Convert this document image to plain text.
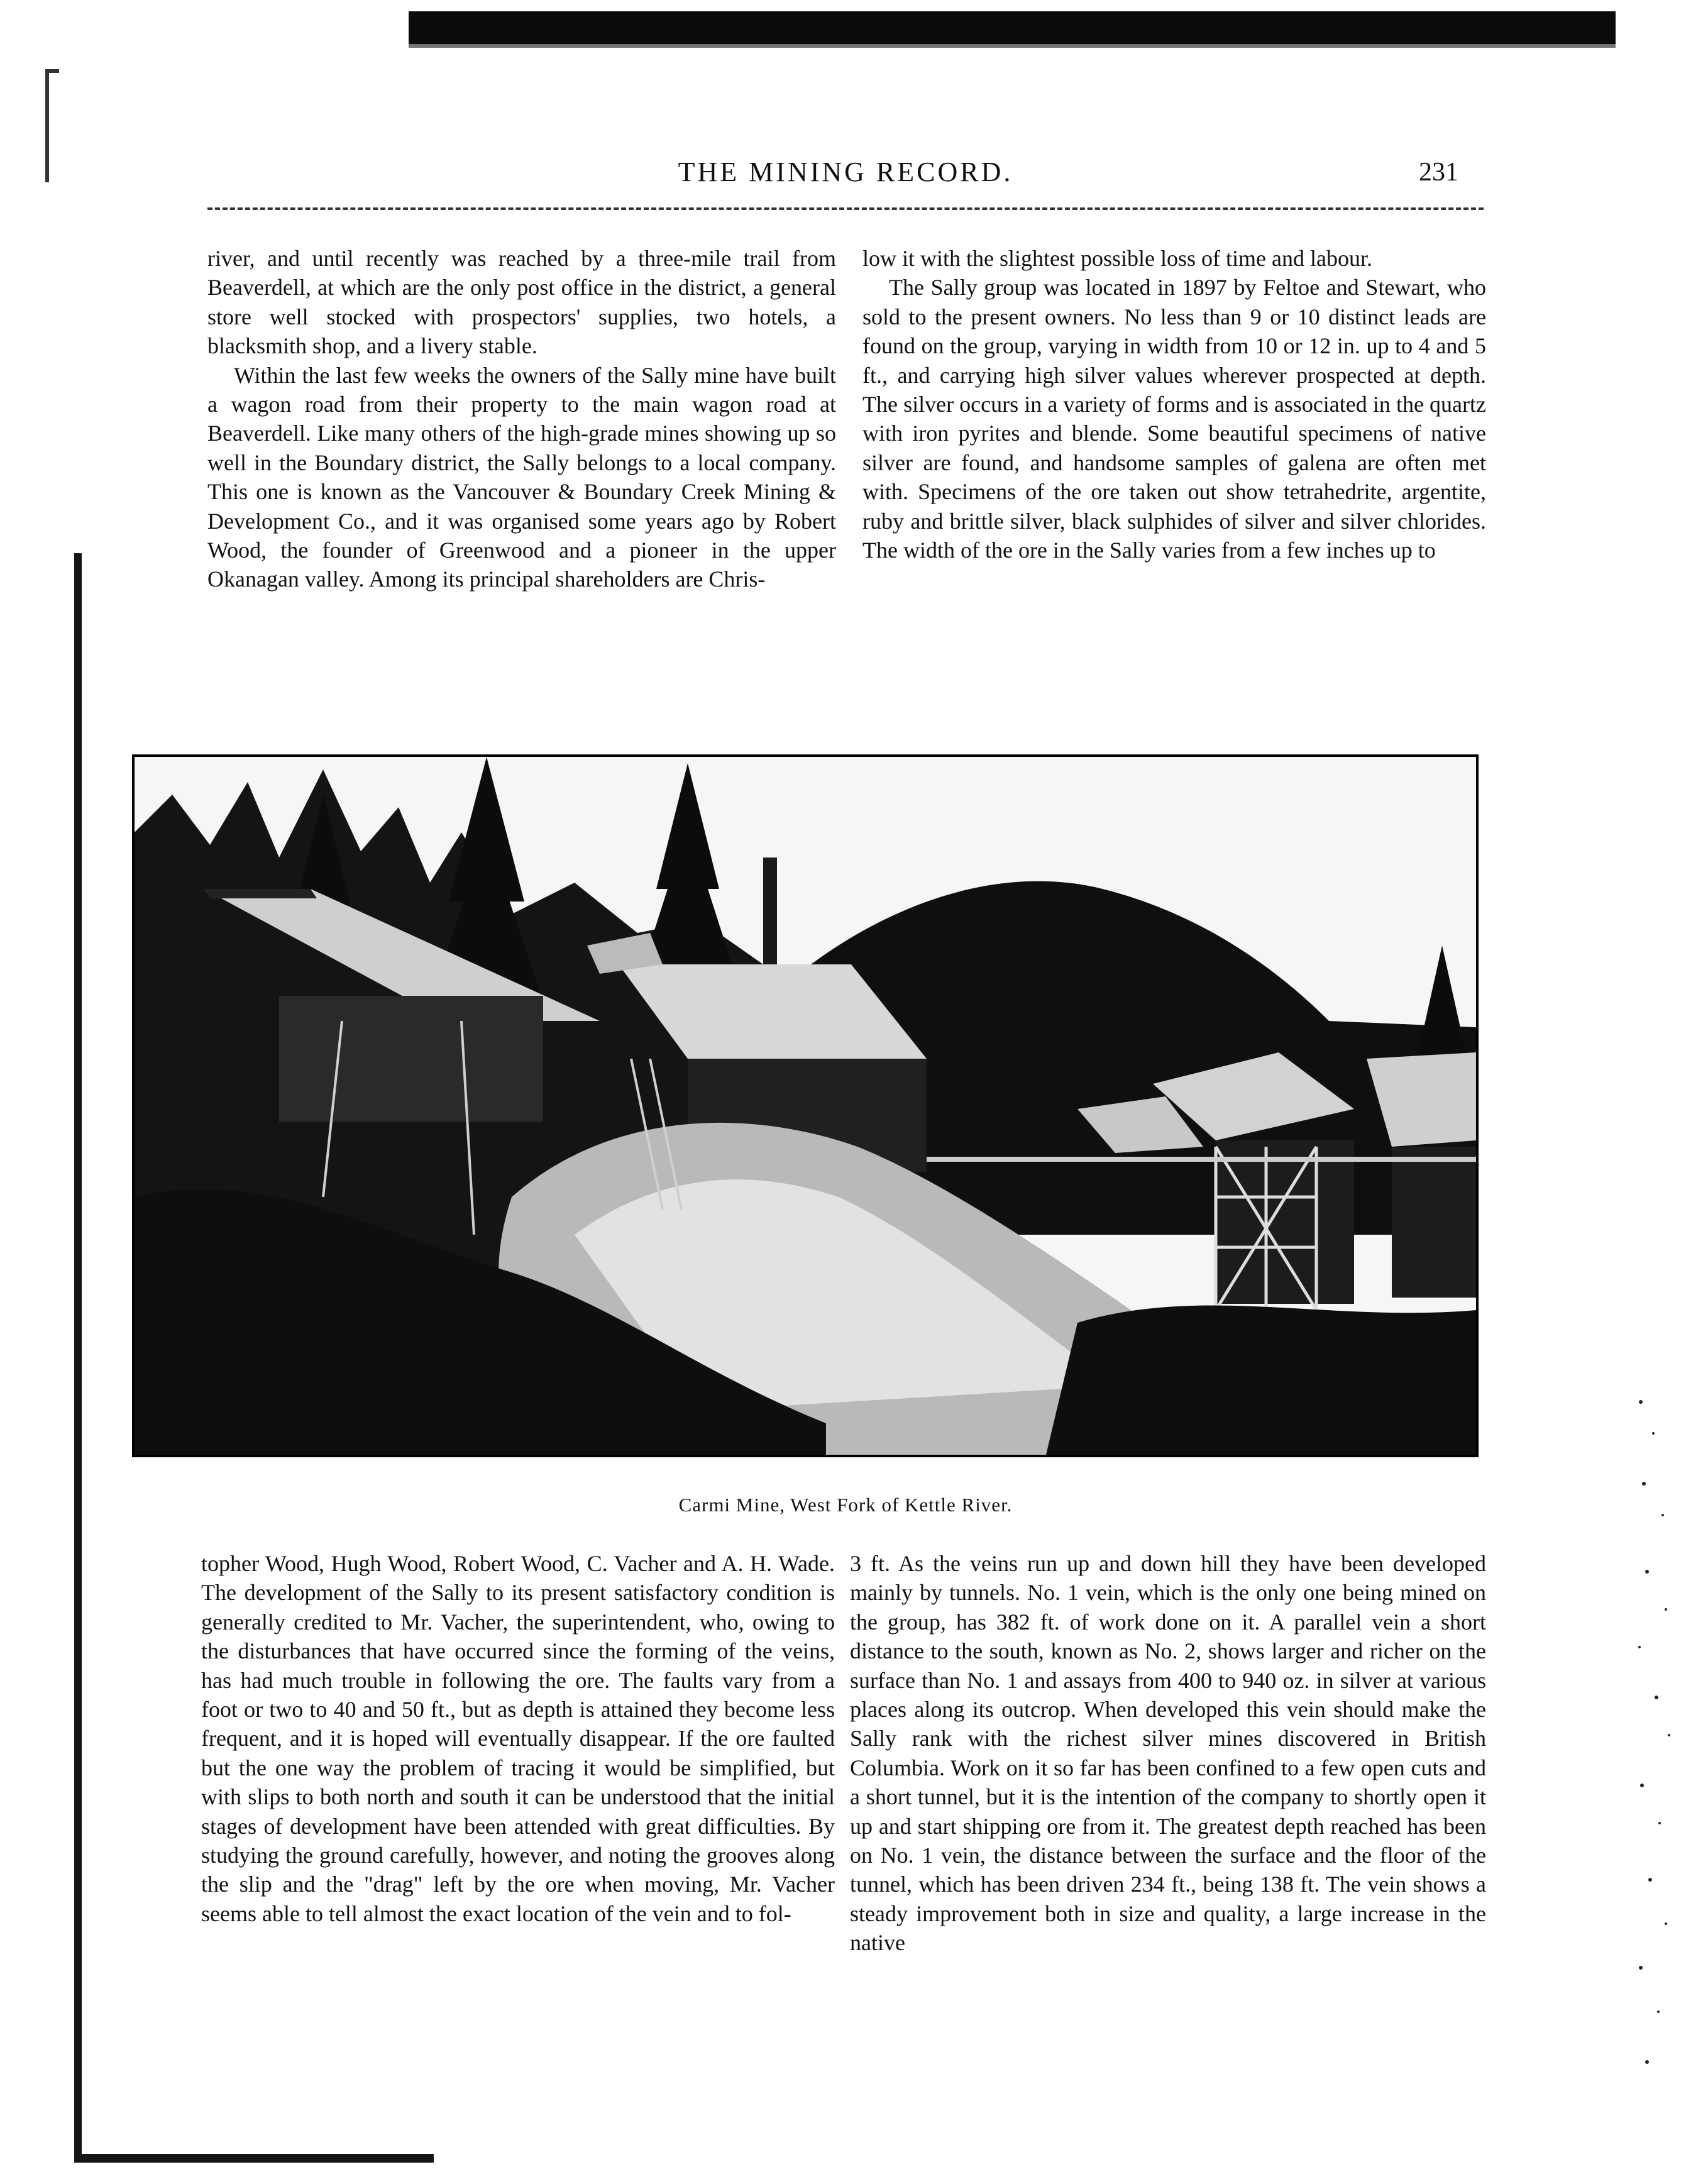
THE MINING RECORD.	231

river, and until recently was reached by a three-mile trail from Beaverdell, at which are the only post office in the district, a general store well stocked with prospectors' supplies, two hotels, a blacksmith shop, and a livery stable.

Within the last few weeks the owners of the Sally mine have built a wagon road from their property to the main wagon road at Beaverdell. Like many others of the high-grade mines showing up so well in the Boundary district, the Sally belongs to a local company. This one is known as the Vancouver & Boundary Creek Mining & Development Co., and it was organised some years ago by Robert Wood, the founder of Greenwood and a pioneer in the upper Okanagan valley. Among its principal shareholders are Chris-

low it with the slightest possible loss of time and labour.

The Sally group was located in 1897 by Feltoe and Stewart, who sold to the present owners. No less than 9 or 10 distinct leads are found on the group, varying in width from 10 or 12 in. up to 4 and 5 ft., and carrying high silver values wherever prospected at depth. The silver occurs in a variety of forms and is associated in the quartz with iron pyrites and blende. Some beautiful specimens of native silver are found, and handsome samples of galena are often met with. Specimens of the ore taken out show tetrahedrite, argentite, ruby and brittle silver, black sulphides of silver and silver chlorides. The width of the ore in the Sally varies from a few inches up to

Carmi Mine, West Fork of Kettle River.

topher Wood, Hugh Wood, Robert Wood, C. Vacher and A. H. Wade. The development of the Sally to its present satisfactory condition is generally credited to Mr. Vacher, the superintendent, who, owing to the disturbances that have occurred since the forming of the veins, has had much trouble in following the ore. The faults vary from a foot or two to 40 and 50 ft., but as depth is attained they become less frequent, and it is hoped will eventually disappear. If the ore faulted but the one way the problem of tracing it would be simplified, but with slips to both north and south it can be understood that the initial stages of development have been attended with great difficulties. By studying the ground carefully, however, and noting the grooves along the slip and the "drag" left by the ore when moving, Mr. Vacher seems able to tell almost the exact location of the vein and to fol-

3 ft. As the veins run up and down hill they have been developed mainly by tunnels. No. 1 vein, which is the only one being mined on the group, has 382 ft. of work done on it. A parallel vein a short distance to the south, known as No. 2, shows larger and richer on the surface than No. 1 and assays from 400 to 940 oz. in silver at various places along its outcrop. When developed this vein should make the Sally rank with the richest silver mines discovered in British Columbia. Work on it so far has been confined to a few open cuts and a short tunnel, but it is the intention of the company to shortly open it up and start shipping ore from it. The greatest depth reached has been on No. 1 vein, the distance between the surface and the floor of the tunnel, which has been driven 234 ft., being 138 ft. The vein shows a steady improvement both in size and quality, a large increase in the native
